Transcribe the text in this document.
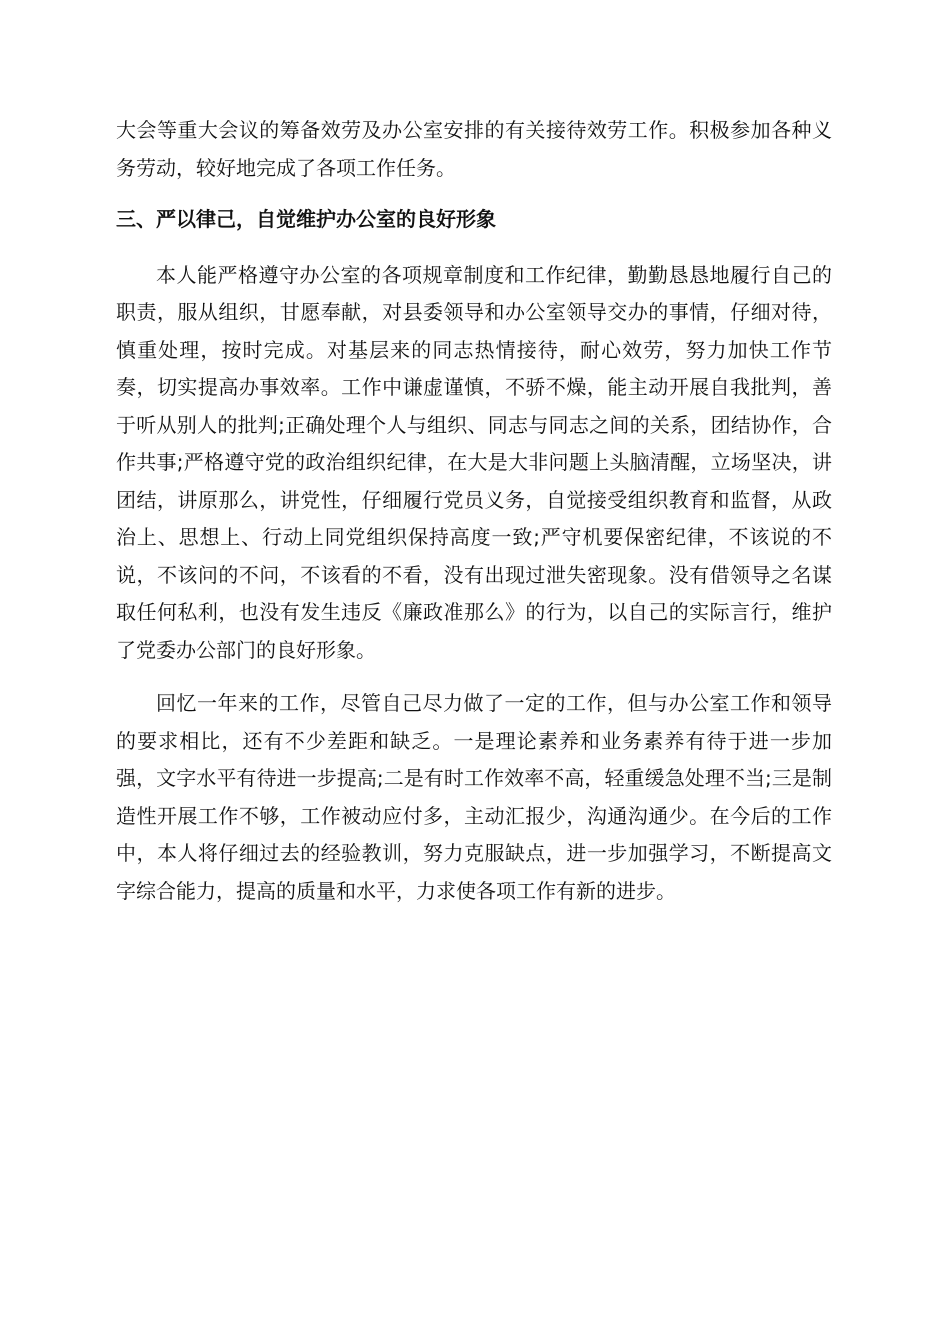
大会等重大会议的筹备效劳及办公室安排的有关接待效劳工作。积极参加各种义务劳动，较好地完成了各项工作任务。

三、严以律己，自觉维护办公室的良好形象

本人能严格遵守办公室的各项规章制度和工作纪律，勤勤恳恳地履行自己的职责，服从组织，甘愿奉献，对县委领导和办公室领导交办的事情，仔细对待，慎重处理，按时完成。对基层来的同志热情接待，耐心效劳，努力加快工作节奏，切实提高办事效率。工作中谦虚谨慎，不骄不燥，能主动开展自我批判，善于听从别人的批判;正确处理个人与组织、同志与同志之间的关系，团结协作，合作共事;严格遵守党的政治组织纪律，在大是大非问题上头脑清醒，立场坚决，讲团结，讲原那么，讲党性，仔细履行党员义务，自觉接受组织教育和监督，从政治上、思想上、行动上同党组织保持高度一致;严守机要保密纪律，不该说的不说，不该问的不问，不该看的不看，没有出现过泄失密现象。没有借领导之名谋取任何私利，也没有发生违反《廉政准那么》的行为，以自己的实际言行，维护了党委办公部门的良好形象。

回忆一年来的工作，尽管自己尽力做了一定的工作，但与办公室工作和领导的要求相比，还有不少差距和缺乏。一是理论素养和业务素养有待于进一步加强，文字水平有待进一步提高;二是有时工作效率不高，轻重缓急处理不当;三是制造性开展工作不够，工作被动应付多，主动汇报少，沟通沟通少。在今后的工作中，本人将仔细过去的经验教训，努力克服缺点，进一步加强学习，不断提高文字综合能力，提高的质量和水平，力求使各项工作有新的进步。
